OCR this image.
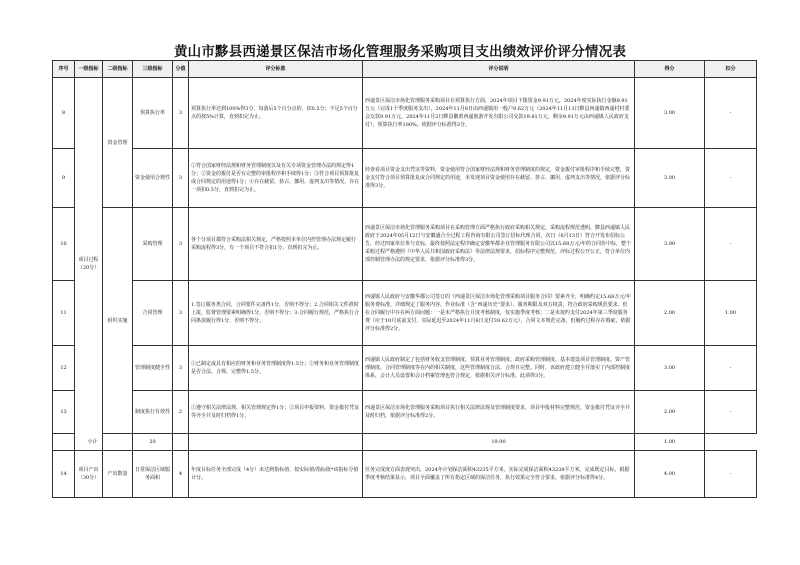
黄山市黟县西递景区保洁市场化管理服务采购项目支出绩效评价评分情况表
序号	一级指标	二级指标	三级指标	分值	评分标准	评分说明	得分	扣分
8	项目过程（20分）	资金管理	预算执行率	3	预算执行率达到100%得3分，每落后5个百分点的，扣0.5分；不足5个百分点的按5%计算，直到扣完为止。	西递景区保洁市场化管理服务采购项目在预算执行方面，2024年项目下拨资金9.91万元，2024年度实际执行金额9.91万元（完成1个季度服务支出），2024年11月8日由西递镇用一般户9.62万元（2024年11月13日黟县西递镇西递村村委会交款9.91万元，2024年11月2日黟县徽黄西递旅游开发有限公司交款19.81万元，剩余9.91万元由西递镇人民政府支付），预算执行率100%，依据评分标准得3分。	3.00	-
9			资金使用合规性	3	①符合国家财经法规和财务管理制度以及有关专项资金管理办法的规定得1分；②资金的拨付是否有完整的审批程序和手续得1分；③符合项目预算批复或合同规定的用途得1分；④存在截留、挤占、挪用、虚列支出等情况，存在一项扣0.5分，直到扣完为止。	经查看项目资金支出凭证等资料，资金使用符合国家财经法规和财务管理制度的规定，资金拨付审批程序和手续完整，资金支付符合项目预算批复或合同规定的用途，未发现项目资金使用存在截留、挤占、挪用、虚列支出等情况，依据评分标准得3分。	3.00	-
10		组织实施	采购管理	3	各个分项目都符合采购法相关规定，严格按照本单位内控管理办法规定履行采购流程得3分，有一个项目不符合扣1分，直到扣完为止。	西递景区保洁市场化管理服务采购项目在采购管理方面严格执行政府采购相关规定，采购流程规范透明，黟县西递镇人民政府于2024年05月12日与安徽盛合全过程工程咨询有限公司签订招标代理合同，次日（6月13日）符合开发布招标公告，经过四家单位参与竞标，最终按照法定程序确定安徽华都企业管理服务有限公司以15.68万元/年的合同价中标，整个采购过程严格遵照《中华人民共和国政府采购法》等法律法规要求，招标程序完整规范，评标过程公开公正，符合单位内部控制管理办法的规定要求，依据评分标准得3分。	3.00	-
11			合同管理	3	1.签订服务类合同，合同要件完备得1分，否则不得分；2.合同相关文件准时上报，监督管理要素明确得1分，否则不得分；3.合同履行规范，严格执行合同条款履行得1分，否则不得分。	西递镇人民政府与安徽华都公司签订的《西递景区保洁市场化管理采购项目服务合同》要素齐全，明确约定15.68万元/年服务费标准，详细规定了服务内容、作业标准（含“西递历史”要求）、服务期限及双方权责，符合政府采购规范要求。但在合同履行中存在两方面问题：一是未严格执行月度考核制度，仅实施季度考核；二是未按约支付2024年第三季度服务费（应于10月底前支付，实际延迟至2024年11月8日支付39.62万元），合同文本规范完备，但履约过程存在瑕疵，依据评分标准得2分。	2.00	1.00
12			管理制度健全性	3	①已制定或具有相应的财务和业务管理制度得1.5分；②财务和业务管理制度是否合法、合规、完整得1.5分。	西递镇人民政府制定了包括财务收支管理制度、预算业务管理制度、政府采购管理制度、基本建设项目管理制度、资产管理制度、合同管理制度等在内的相关制度，这些管理制度合法、合规且完整。同时，该政府建立健全并落实了内部控制度体系，会计人员设置和会计档案管理也符合规定，依据相关评分标准，此项得3分。	3.00	-
13			制度执行有效性	2	①遵守相关法律法规、相关管理规定得1分；②项目申报资料、资金拨付凭证等齐全并及时归档得1分。	西递景区保洁市场化管理服务采购项目执行相关法律法规及管理制度要求，项目申报材料完整规范、资金拨付凭证齐全并及时归档，依据评分标准得2分。	2.00	-
小计			20			19.00	1.00	
14	项目产出（30分）	产出数量	日常保洁区域服务面积	4	年度目标任务全部完成（4分）未达到指标值，按实际值/指标值*该指标分值计分。	任务完成度方面表现突出，2024年计划保洁面积43235平方米，实际完成保洁面积43238平方米。完成既定目标，根据季度考核结果显示，项目全面覆盖了所有指定区域的保洁任务，执行效果完全符合要求，依据评分标准得4分。	4.00	-
